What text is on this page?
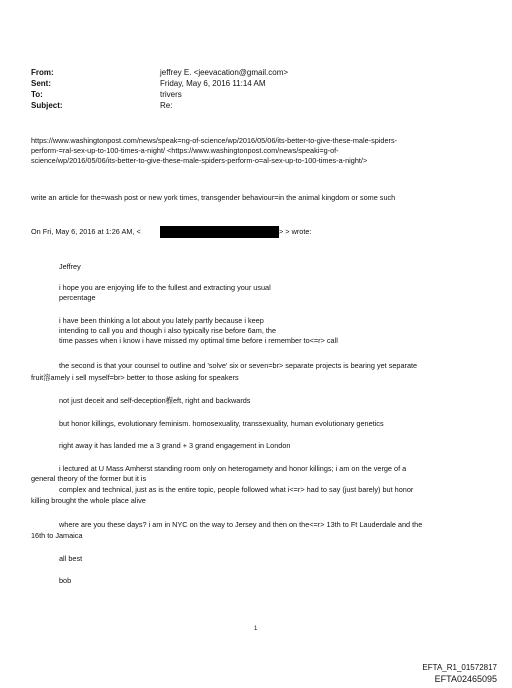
From:	jeffrey E. <jeevacation@gmail.com>
Sent:	Friday, May 6, 2016 11:14 AM
To:	trivers
Subject:	Re:
https://www.washingtonpost.com/news/speak=ng-of-science/wp/2016/05/06/its-better-to-give-these-male-spiders-
perform-=ral-sex-up-to-100-times-a-night/ <https://www.washingtonpost.com/news/speaki=g-of-
science/wp/2016/05/06/its-better-to-give-these-male-spiders-perform-o=al-sex-up-to-100-times-a-night/>
write an article for the=wash post or new york times, transgender behaviour=in the animal kingdom or some such
On Fri, May 6, 2016 at 1:26 AM, <	> > wrote:
Jeffrey
i hope you are enjoying life to the fullest and extracting your usual
percentage
i have been thinking a lot about you lately partly because i keep
intending to call you and though i also typically rise before 6am, the
time passes when i know i have missed my optimal time before i remember to<=r> call
the second is that your counsel to outline and 'solve' six or seven=br> separate projects is bearing yet separate
fruit溶amely i sell myself=br> better to those asking for speakers
not just deceit and self-deception椺eft, right and backwards
but honor killings, evolutionary feminism. homosexuality, transsexuality, human evolutionary genetics
right away it has landed me a 3 grand + 3 grand engagement in London
i lectured at U Mass Amherst standing room only on heterogamety and honor killings; i am on the verge of a
general theory of the former but it is
complex and technical, just as is the entire topic, people followed what i<=r> had to say (just barely) but honor
killing brought the whole place alive
where are you these days? i am in NYC on the way to Jersey and then on the<=r> 13th to Ft Lauderdale and the
16th to Jamaica
all best
bob
1
EFTA_R1_01572817
EFTA02465095
